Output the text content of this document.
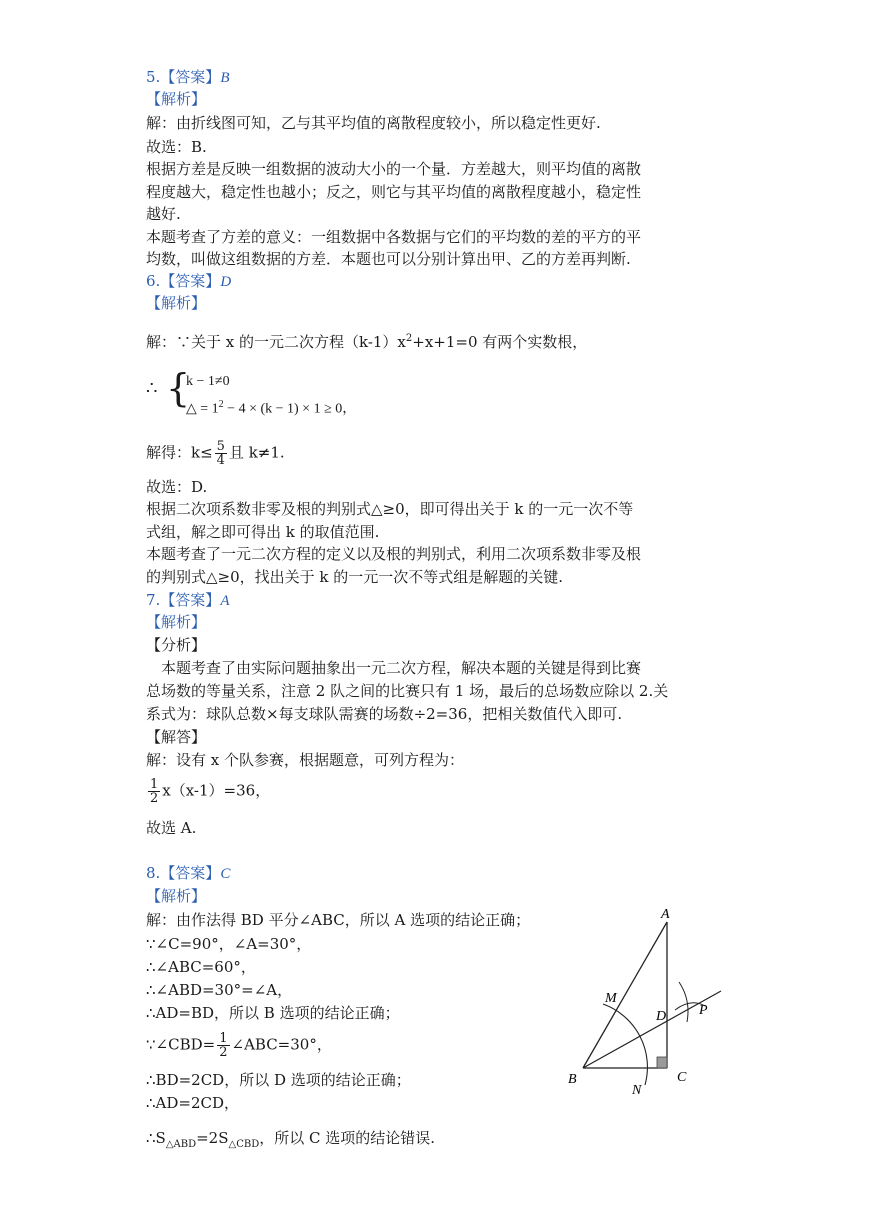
5.【答案】B
【解析】
解：由折线图可知，乙与其平均值的离散程度较小，所以稳定性更好.
故选：B.
根据方差是反映一组数据的波动大小的一个量．方差越大，则平均值的离散
程度越大，稳定性也越小；反之，则它与其平均值的离散程度越小，稳定性
越好.
本题考查了方差的意义：一组数据中各数据与它们的平均数的差的平方的平
均数，叫做这组数据的方差．本题也可以分别计算出甲、乙的方差再判断.
6.【答案】D
【解析】
解：∵关于 x 的一元二次方程$(k-1)x^2+x+1=0$ 有两个实数根，
∴ {
k − 1≠0
△ = $1^2 - 4 \times (k - 1) \times 1 \ge 0$，
解得：$k\le \frac{5}{4}$ 且 k≠1.
故选：D.
根据二次项系数非零及根的判别式△≥0，即可得出关于 k 的一元一次不等
式组，解之即可得出 k 的取值范围.
本题考查了一元二次方程的定义以及根的判别式，利用二次项系数非零及根
的判别式△≥0，找出关于 k 的一元一次不等式组是解题的关键.
7.【答案】A
【解析】
【分析】
　本题考查了由实际问题抽象出一元二次方程，解决本题的关键是得到比赛
总场数的等量关系，注意 2 队之间的比赛只有 1 场，最后的总场数应除以 2.关
系式为：球队总数×每支球队需赛的场数÷2=36，把相关数值代入即可.
【解答】
解：设有 x 个队参赛，根据题意，可列方程为：
$\frac{1}{2} x(x-1)=36$，
故选 A.
8.【答案】C
【解析】
解：由作法得 BD 平分∠ABC，所以 A 选项的结论正确；
∵∠C=90°，∠A=30°，
∴∠ABC=60°，
∴∠ABD=30°=∠A，
∴AD=BD，所以 B 选项的结论正确；
∵∠CBD= $\frac{1}{2}$ ∠ABC=30°，
∴BD=2CD，所以 D 选项的结论正确；
∴AD=2CD，
$\therefore S_{\triangle ABD}=2S_{\triangle CBD}$，所以 C 选项的结论错误.
A
M
D P
B
N
C
